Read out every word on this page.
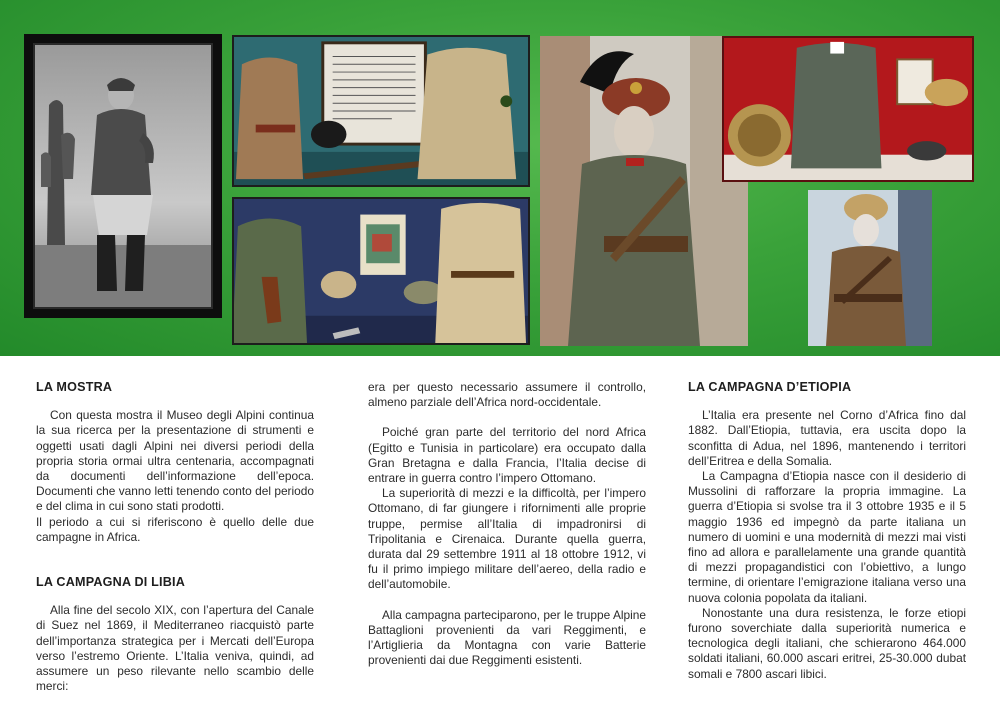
LA MOSTRA

Con questa mostra il Museo degli Alpini continua la sua ricerca per la presentazione di strumenti e oggetti usati dagli Alpini nei diversi periodi della propria storia ormai ultra centenaria, accompagnati da documenti dell’informazione dell’epoca. Documenti che vanno letti tenendo conto del periodo e del clima in cui sono stati prodotti.

Il periodo a cui si riferiscono è quello delle due campagne in Africa.

LA CAMPAGNA DI LIBIA

Alla fine del secolo XIX, con l’apertura del Canale di Suez nel 1869, il Mediterraneo riacquistò parte dell’importanza strategica per i Mercati dell’Europa verso l’estremo Oriente. L’Italia veniva, quindi, ad assumere un peso rilevante nello scambio delle merci:

era per questo necessario assumere il controllo, almeno parziale dell’Africa nord-occidentale.

Poiché gran parte del territorio del nord Africa (Egitto e Tunisia in particolare) era occupato dalla Gran Bretagna e dalla Francia, l’Italia decise di entrare in guerra contro l’impero Ottomano.

La superiorità di mezzi e la difficoltà, per l’impero Ottomano, di far giungere i rifornimenti alle proprie truppe, permise all’Italia di impadronirsi di Tripolitania e Cirenaica. Durante quella guerra, durata dal 29 settembre 1911 al 18 ottobre 1912, vi fu il primo impiego militare dell’aereo, della radio e dell’automobile.

Alla campagna parteciparono, per le truppe Alpine Battaglioni provenienti da vari Reggimenti, e l’Artiglieria da Montagna con varie Batterie provenienti dai due Reggimenti esistenti.

LA CAMPAGNA D’ETIOPIA

L’Italia era presente nel Corno d’Africa fino dal 1882. Dall’Etiopia, tuttavia, era uscita dopo la sconfitta di Adua, nel 1896, mantenendo i territori dell’Eritrea e della Somalia.

La Campagna d’Etiopia nasce con il desiderio di Mussolini di rafforzare la propria immagine. La guerra d’Etiopia si svolse tra il 3 ottobre 1935 e il 5 maggio 1936 ed impegnò da parte italiana un numero di uomini e una modernità di mezzi mai visti fino ad allora e parallelamente una grande quantità di mezzi propagandistici con l’obiettivo, a lungo termine, di orientare l’emigrazione italiana verso una nuova colonia popolata da italiani.

Nonostante una dura resistenza, le forze etiopi furono soverchiate dalla superiorità numerica e tecnologica degli italiani, che schierarono 464.000 soldati italiani, 60.000 ascari eritrei, 25-30.000 dubat somali e 7800 ascari libici.
